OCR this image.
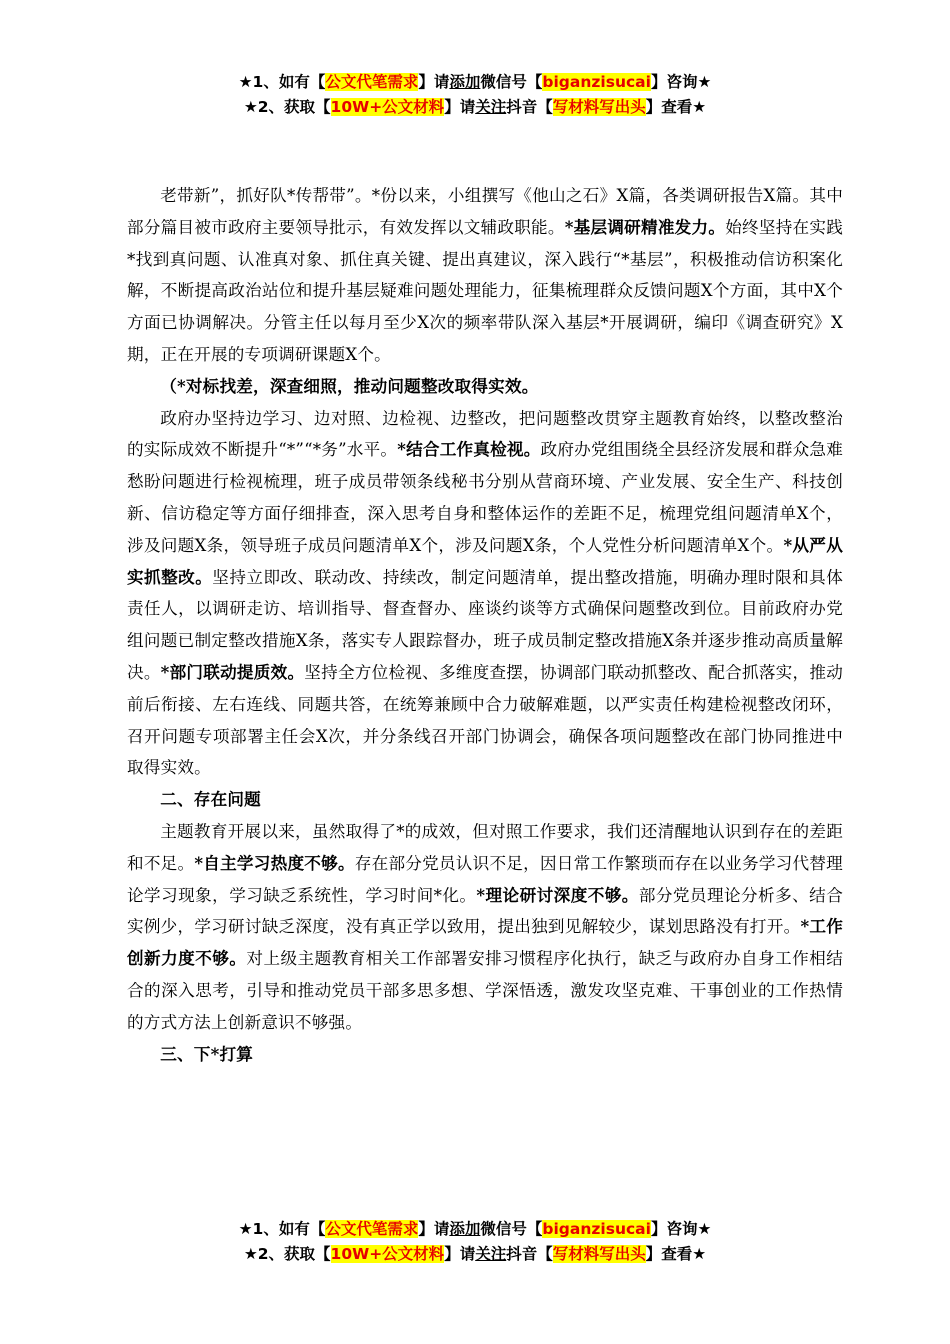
★1、如有【公文代笔需求】请添加微信号【biganzisucai】咨询★
★2、获取【10W+公文材料】请关注抖音【写材料写出头】查看★

老带新”，抓好队*传帮带”。*份以来，小组撰写《他山之石》X篇，各类调研报告X篇。其中部分篇目被市政府主要领导批示，有效发挥以文辅政职能。*基层调研精准发力。始终坚持在实践*找到真问题、认准真对象、抓住真关键、提出真建议，深入践行“*基层”，积极推动信访积案化解，不断提高政治站位和提升基层疑难问题处理能力，征集梳理群众反馈问题X个方面，其中X个方面已协调解决。分管主任以每月至少X次的频率带队深入基层*开展调研，编印《调查研究》X期，正在开展的专项调研课题X个。

（*对标找差，深查细照，推动问题整改取得实效。

政府办坚持边学习、边对照、边检视、边整改，把问题整改贯穿主题教育始终，以整改整治的实际成效不断提升“*”“*务”水平。*结合工作真检视。政府办党组围绕全县经济发展和群众急难愁盼问题进行检视梳理，班子成员带领条线秘书分别从营商环境、产业发展、安全生产、科技创新、信访稳定等方面仔细排查，深入思考自身和整体运作的差距不足，梳理党组问题清单X个，涉及问题X条，领导班子成员问题清单X个，涉及问题X条，个人党性分析问题清单X个。*从严从实抓整改。坚持立即改、联动改、持续改，制定问题清单，提出整改措施，明确办理时限和具体责任人，以调研走访、培训指导、督查督办、座谈约谈等方式确保问题整改到位。目前政府办党组问题已制定整改措施X条，落实专人跟踪督办，班子成员制定整改措施X条并逐步推动高质量解决。*部门联动提质效。坚持全方位检视、多维度查摆，协调部门联动抓整改、配合抓落实，推动前后衔接、左右连线、同题共答，在统筹兼顾中合力破解难题，以严实责任构建检视整改闭环，召开问题专项部署主任会X次，并分条线召开部门协调会，确保各项问题整改在部门协同推进中取得实效。

二、存在问题

主题教育开展以来，虽然取得了*的成效，但对照工作要求，我们还清醒地认识到存在的差距和不足。*自主学习热度不够。存在部分党员认识不足，因日常工作繁琐而存在以业务学习代替理论学习现象，学习缺乏系统性，学习时间*化。*理论研讨深度不够。部分党员理论分析多、结合实例少，学习研讨缺乏深度，没有真正学以致用，提出独到见解较少，谋划思路没有打开。*工作创新力度不够。对上级主题教育相关工作部署安排习惯程序化执行，缺乏与政府办自身工作相结合的深入思考，引导和推动党员干部多思多想、学深悟透，激发攻坚克难、干事创业的工作热情的方式方法上创新意识不够强。

三、下*打算

★1、如有【公文代笔需求】请添加微信号【biganzisucai】咨询★
★2、获取【10W+公文材料】请关注抖音【写材料写出头】查看★
